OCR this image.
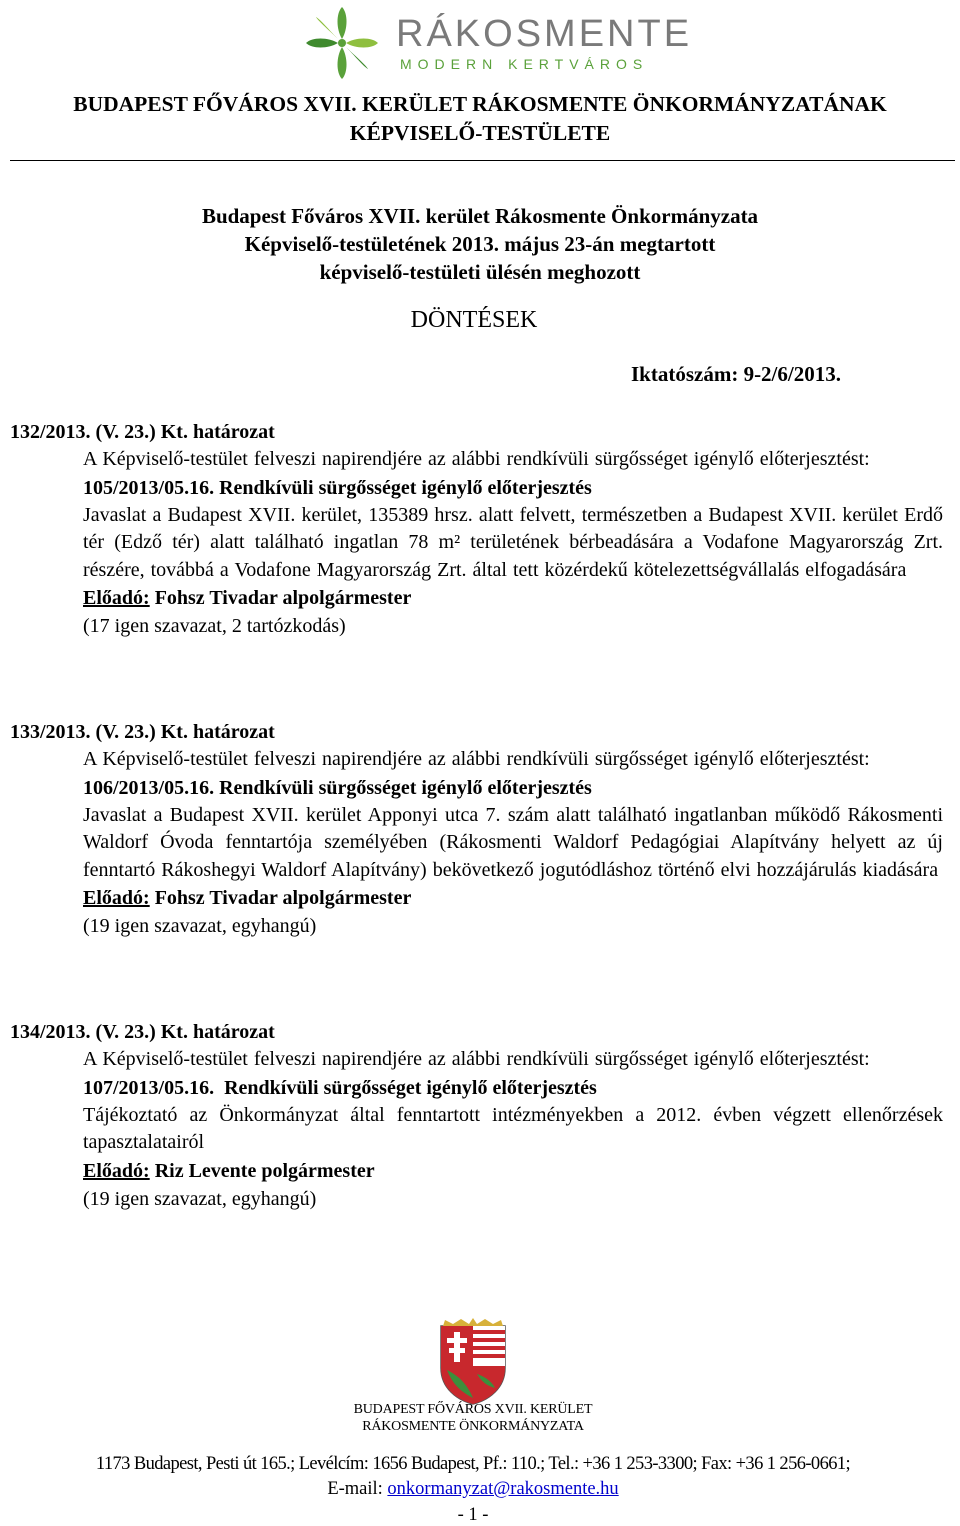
RÁKOSMENTE
MODERN KERTVÁROS
BUDAPEST FŐVÁROS XVII. KERÜLET RÁKOSMENTE ÖNKORMÁNYZATÁNAK
KÉPVISELŐ-TESTÜLETE
Budapest Főváros XVII. kerület Rákosmente Önkormányzata
Képviselő-testületének 2013. május 23-án megtartott
képviselő-testületi ülésén meghozott
DÖNTÉSEK
Iktatószám: 9-2/6/2013.
132/2013. (V. 23.) Kt. határozat
A Képviselő-testület felveszi napirendjére az alábbi rendkívüli sürgősséget igénylő előterjesztést:
105/2013/05.16. Rendkívüli sürgősséget igénylő előterjesztés
Javaslat a Budapest XVII. kerület, 135389 hrsz. alatt felvett, természetben a Budapest XVII. kerület Erdő tér (Edző tér) alatt található ingatlan 78 m² területének bérbeadására a Vodafone Magyarország Zrt. részére, továbbá a Vodafone Magyarország Zrt. által tett közérdekű kötelezettségvállalás elfogadására
Előadó: Fohsz Tivadar alpolgármester
(17 igen szavazat, 2 tartózkodás)
133/2013. (V. 23.) Kt. határozat
A Képviselő-testület felveszi napirendjére az alábbi rendkívüli sürgősséget igénylő előterjesztést:
106/2013/05.16. Rendkívüli sürgősséget igénylő előterjesztés
Javaslat a Budapest XVII. kerület Apponyi utca 7. szám alatt található ingatlanban működő Rákosmenti Waldorf Óvoda fenntartója személyében (Rákosmenti Waldorf Pedagógiai Alapítvány helyett az új fenntartó Rákoshegyi Waldorf Alapítvány) bekövetkező jogutódláshoz történő elvi hozzájárulás kiadására
Előadó: Fohsz Tivadar alpolgármester
(19 igen szavazat, egyhangú)
134/2013. (V. 23.) Kt. határozat
A Képviselő-testület felveszi napirendjére az alábbi rendkívüli sürgősséget igénylő előterjesztést:
107/2013/05.16.  Rendkívüli sürgősséget igénylő előterjesztés
Tájékoztató az Önkormányzat által fenntartott intézményekben a 2012. évben végzett ellenőrzések tapasztalatairól
Előadó: Riz Levente polgármester
(19 igen szavazat, egyhangú)
BUDAPEST FŐVÁROS XVII. KERÜLET
RÁKOSMENTE ÖNKORMÁNYZATA
1173 Budapest, Pesti út 165.; Levélcím: 1656 Budapest, Pf.: 110.; Tel.: +36 1 253-3300; Fax: +36 1 256-0661;
E-mail: onkormanyzat@rakosmente.hu
- 1 -
